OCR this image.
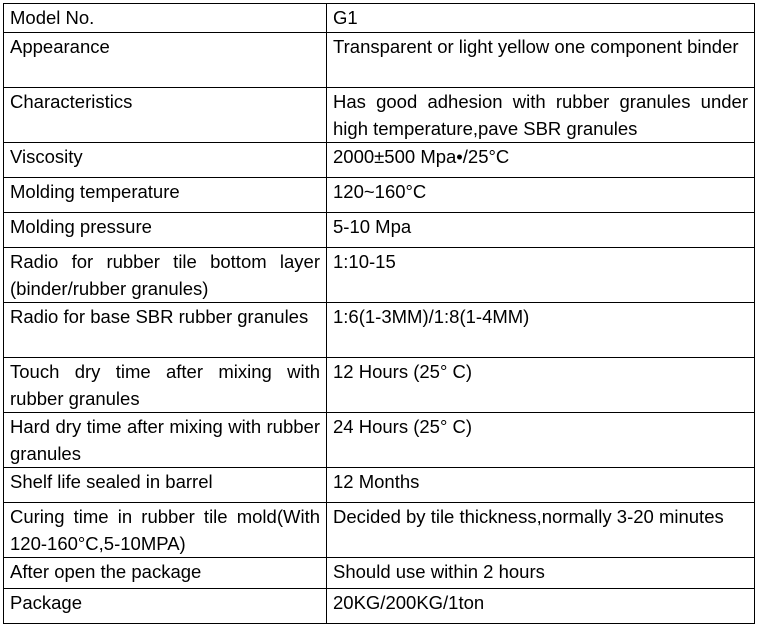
Model No.	G1
Appearance	Transparent or light yellow one component binder
Characteristics	Has good adhesion with rubber granules under high temperature,pave SBR granules
Viscosity	2000±500 Mpa•/25°C
Molding temperature	120~160°C
Molding pressure	5-10 Mpa
Radio for rubber tile bottom layer (binder/rubber granules)	1:10-15
Radio for base SBR rubber granules	1:6(1-3MM)/1:8(1-4MM)
Touch dry time after mixing with rubber granules	12 Hours (25° C)
Hard dry time after mixing with rubber granules	24 Hours (25° C)
Shelf life sealed in barrel	12 Months
Curing time in rubber tile mold(With 120-160°C,5-10MPA)	Decided by tile thickness,normally 3-20 minutes
After open the package	Should use within 2 hours
Package	20KG/200KG/1ton
